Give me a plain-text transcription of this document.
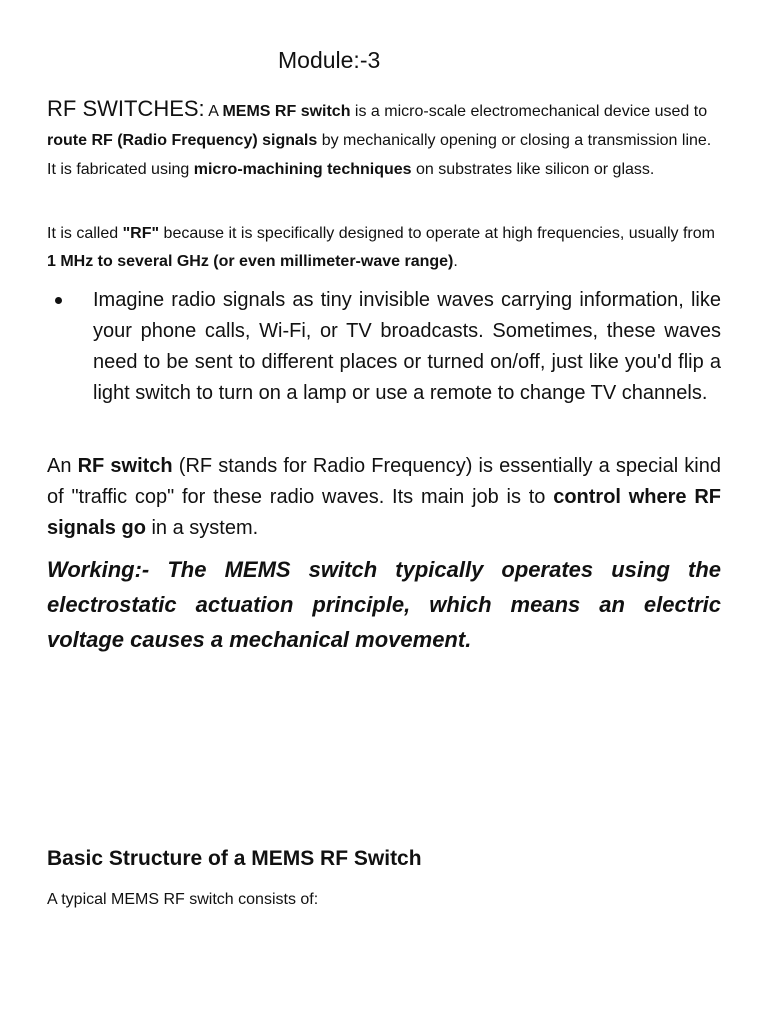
Module:-3

RF SWITCHES: A MEMS RF switch is a micro-scale electromechanical device used to route RF (Radio Frequency) signals by mechanically opening or closing a transmission line. It is fabricated using micro-machining techniques on substrates like silicon or glass.

It is called "RF" because it is specifically designed to operate at high frequencies, usually from 1 MHz to several GHz (or even millimeter-wave range).

Imagine radio signals as tiny invisible waves carrying information, like your phone calls, Wi-Fi, or TV broadcasts. Sometimes, these waves need to be sent to different places or turned on/off, just like you'd flip a light switch to turn on a lamp or use a remote to change TV channels.

An RF switch (RF stands for Radio Frequency) is essentially a special kind of "traffic cop" for these radio waves. Its main job is to control where RF signals go in a system.

Working:- The MEMS switch typically operates using the electrostatic actuation principle, which means an electric voltage causes a mechanical movement.

Basic Structure of a MEMS RF Switch

A typical MEMS RF switch consists of:
